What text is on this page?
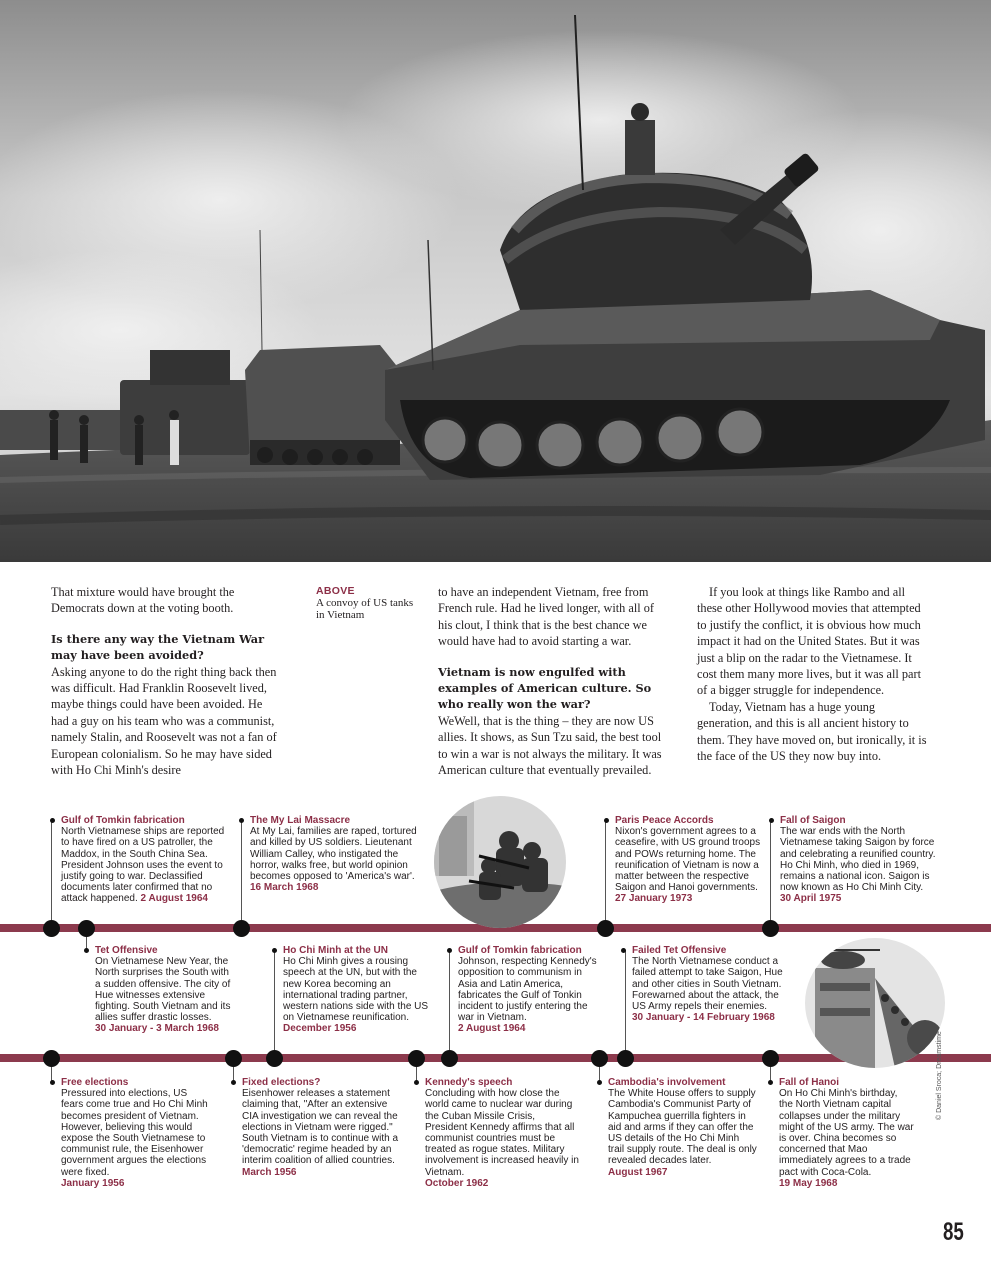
That mixture would have brought the Democrats down at the voting booth.

Is there any way the Vietnam War may have been avoided?

Asking anyone to do the right thing back then was difficult. Had Franklin Roosevelt lived, maybe things could have been avoided. He had a guy on his team who was a communist, namely Stalin, and Roosevelt was not a fan of European colonialism. So he may have sided with Ho Chi Minh's desire

ABOVE
A convoy of US tanks in Vietnam

to have an independent Vietnam, free from French rule. Had he lived longer, with all of his clout, I think that is the best chance we would have had to avoid starting a war.

Vietnam is now engulfed with examples of American culture. So who really won the war?

WeWell, that is the thing – they are now US allies. It shows, as Sun Tzu said, the best tool to win a war is not always the military. It was American culture that eventually prevailed.

If you look at things like Rambo and all these other Hollywood movies that attempted to justify the conflict, it is obvious how much impact it had on the United States. But it was just a blip on the radar to the Vietnamese. It cost them many more lives, but it was all part of a bigger struggle for independence.

Today, Vietnam has a huge young generation, and this is all ancient history to them. They have moved on, but ironically, it is the face of the US they now buy into.

Gulf of Tomkin fabrication
North Vietnamese ships are reported to have fired on a US patroller, the Maddox, in the South China Sea. President Johnson uses the event to justify going to war. Declassified documents later confirmed that no attack happened. 2 August 1964
The My Lai Massacre
At My Lai, families are raped, tortured and killed by US soldiers. Lieutenant William Calley, who instigated the horror, walks free, but world opinion becomes opposed to 'America's war'.
16 March 1968
Paris Peace Accords
Nixon's government agrees to a ceasefire, with US ground troops and POWs returning home. The reunification of Vietnam is now a matter between the respective Saigon and Hanoi governments.
27 January 1973
Fall of Saigon
The war ends with the North Vietnamese taking Saigon by force and celebrating a reunified country. Ho Chi Minh, who died in 1969, remains a national icon. Saigon is now known as Ho Chi Minh City.
30 April 1975
Tet Offensive
On Vietnamese New Year, the North surprises the South with a sudden offensive. The city of Hue witnesses extensive fighting. South Vietnam and its allies suffer drastic losses.
30 January - 3 March 1968
Ho Chi Minh at the UN
Ho Chi Minh gives a rousing speech at the UN, but with the new Korea becoming an international trading partner, western nations side with the US on Vietnamese reunification.
December 1956
Gulf of Tomkin fabrication
Johnson, respecting Kennedy's opposition to communism in Asia and Latin America, fabricates the Gulf of Tonkin incident to justify entering the war in Vietnam.
2 August 1964
Failed Tet Offensive
The North Vietnamese conduct a failed attempt to take Saigon, Hue and other cities in South Vietnam. Forewarned about the attack, the US Army repels their enemies.
30 January - 14 February 1968
Free elections
Pressured into elections, US fears come true and Ho Chi Minh becomes president of Vietnam. However, believing this would expose the South Vietnamese to communist rule, the Eisenhower government argues the elections were fixed.
January 1956
Fixed elections?
Eisenhower releases a statement claiming that, "After an extensive CIA investigation we can reveal the elections in Vietnam were rigged." South Vietnam is to continue with a 'democratic' regime headed by an interim coalition of allied countries.
March 1956
Kennedy's speech
Concluding with how close the world came to nuclear war during the Cuban Missile Crisis, President Kennedy affirms that all communist countries must be treated as rogue states. Military involvement is increased heavily in Vietnam.
October 1962
Cambodia's involvement
The White House offers to supply Cambodia's Communist Party of Kampuchea guerrilla fighters in aid and arms if they can offer the US details of the Ho Chi Minh trail supply route. The deal is only revealed decades later.
August 1967
Fall of Hanoi
On Ho Chi Minh's birthday, the North Vietnam capital collapses under the military might of the US army. The war is over. China becomes so concerned that Mao immediately agrees to a trade pact with Coca-Cola.
19 May 1968
© Daniel Sroca; Dreamstime
85
